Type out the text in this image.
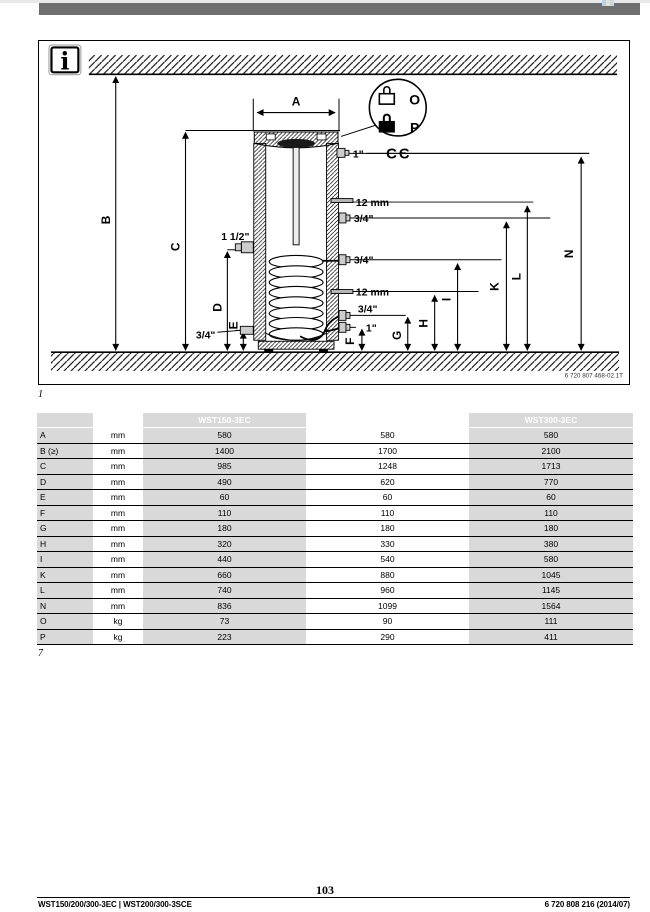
i
A
B
C
D
E
F
G
H
I
K
L
N
1"
12 mm
3/4"
3/4"
12 mm
3/4"
1"
1 1/2"
3/4"
O
P
CЄ
6 720 807 468-02.1T
1
		WST150-3EC	WST200-3EC	WST300-3EC
A	mm	580	580	580
B (≥)	mm	1400	1700	2100
C	mm	985	1248	1713
D	mm	490	620	770
E	mm	60	60	60
F	mm	110	110	110
G	mm	180	180	180
H	mm	320	330	380
I	mm	440	540	580
K	mm	660	880	1045
L	mm	740	960	1145
N	mm	836	1099	1564
O	kg	73	90	111
P	kg	223	290	411
7
103
WST150/200/300-3EC | WST200/300-3SCE	6 720 808 216 (2014/07)
